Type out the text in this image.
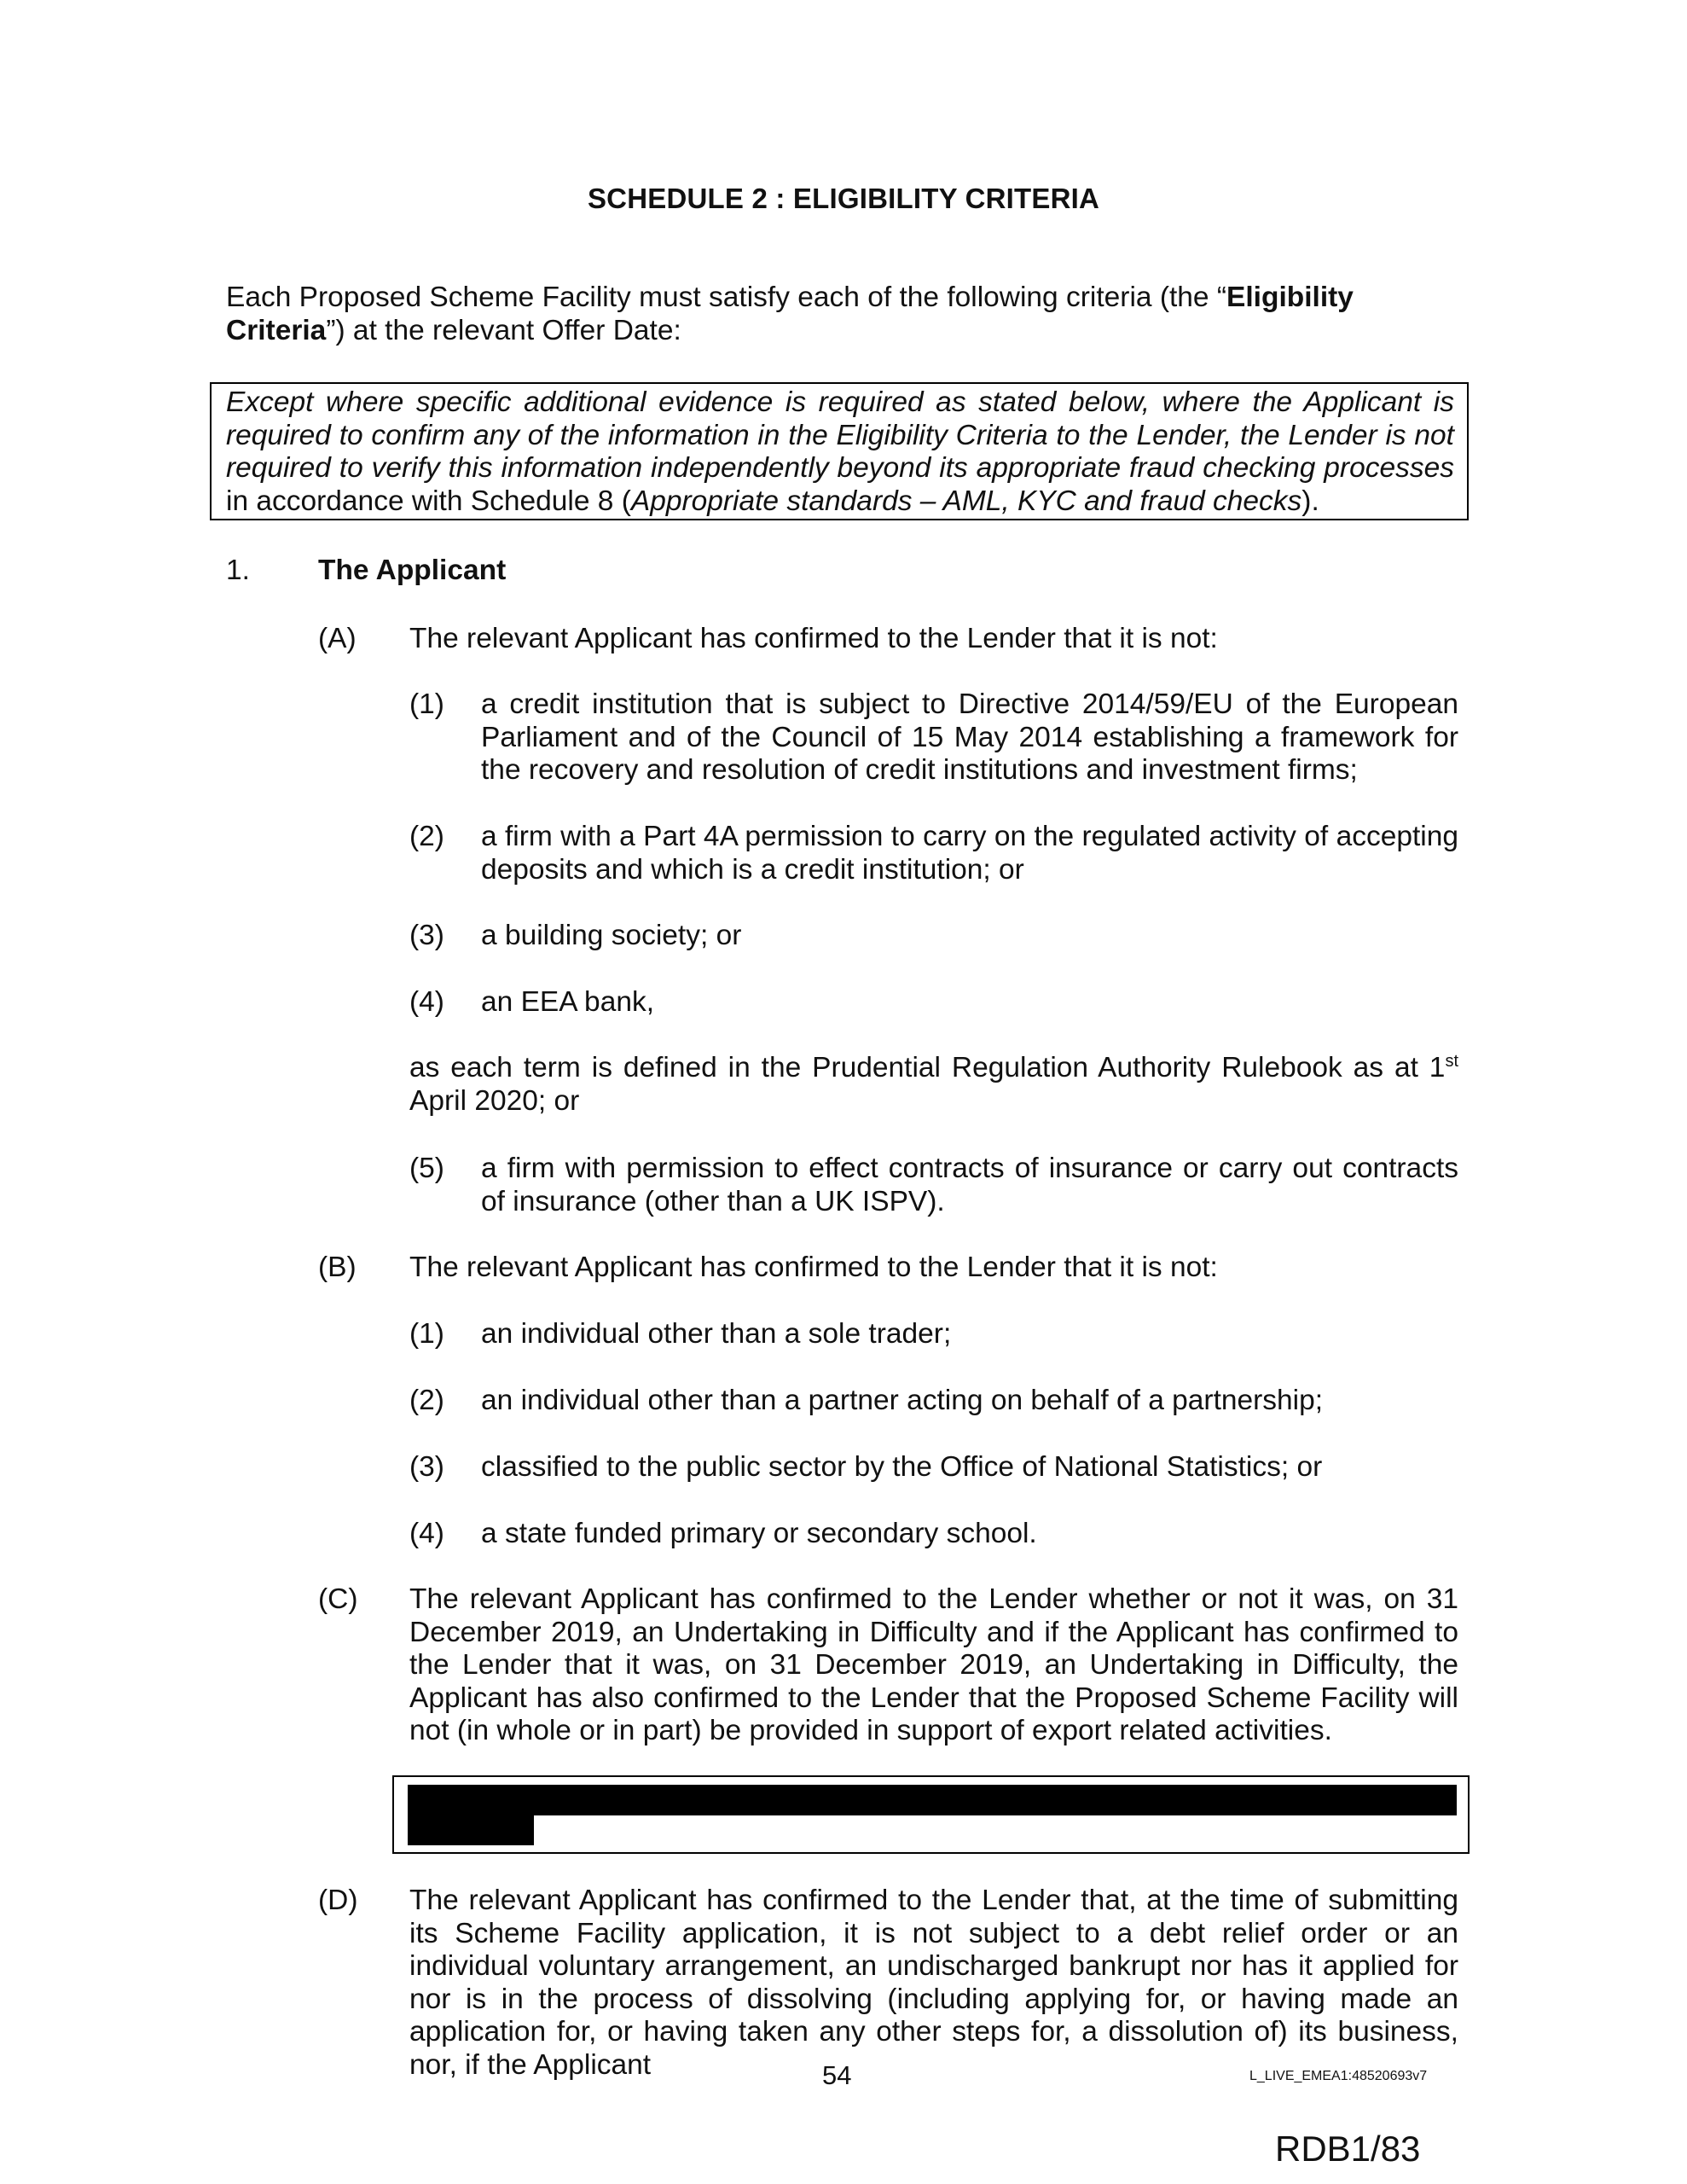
SCHEDULE 2 : ELIGIBILITY CRITERIA
Each Proposed Scheme Facility must satisfy each of the following criteria (the “Eligibility Criteria”) at the relevant Offer Date:
Except where specific additional evidence is required as stated below, where the Applicant is required to confirm any of the information in the Eligibility Criteria to the Lender, the Lender is not required to verify this information independently beyond its appropriate fraud checking processes in accordance with Schedule 8 (Appropriate standards – AML, KYC and fraud checks).
1. The Applicant
(A) The relevant Applicant has confirmed to the Lender that it is not:
(1) a credit institution that is subject to Directive 2014/59/EU of the European Parliament and of the Council of 15 May 2014 establishing a framework for the recovery and resolution of credit institutions and investment firms;
(2) a firm with a Part 4A permission to carry on the regulated activity of accepting deposits and which is a credit institution; or
(3) a building society; or
(4) an EEA bank,
as each term is defined in the Prudential Regulation Authority Rulebook as at 1st April 2020; or
(5) a firm with permission to effect contracts of insurance or carry out contracts of insurance (other than a UK ISPV).
(B) The relevant Applicant has confirmed to the Lender that it is not:
(1) an individual other than a sole trader;
(2) an individual other than a partner acting on behalf of a partnership;
(3) classified to the public sector by the Office of National Statistics; or
(4) a state funded primary or secondary school.
(C) The relevant Applicant has confirmed to the Lender whether or not it was, on 31 December 2019, an Undertaking in Difficulty and if the Applicant has confirmed to the Lender that it was, on 31 December 2019, an Undertaking in Difficulty, the Applicant has also confirmed to the Lender that the Proposed Scheme Facility will not (in whole or in part) be provided in support of export related activities.
(D) The relevant Applicant has confirmed to the Lender that, at the time of submitting its Scheme Facility application, it is not subject to a debt relief order or an individual voluntary arrangement, an undischarged bankrupt nor has it applied for nor is in the process of dissolving (including applying for, or having made an application for, or having taken any other steps for, a dissolution of) its business, nor, if the Applicant	54	L_LIVE_EMEA1:48520693v7
RDB1/83
